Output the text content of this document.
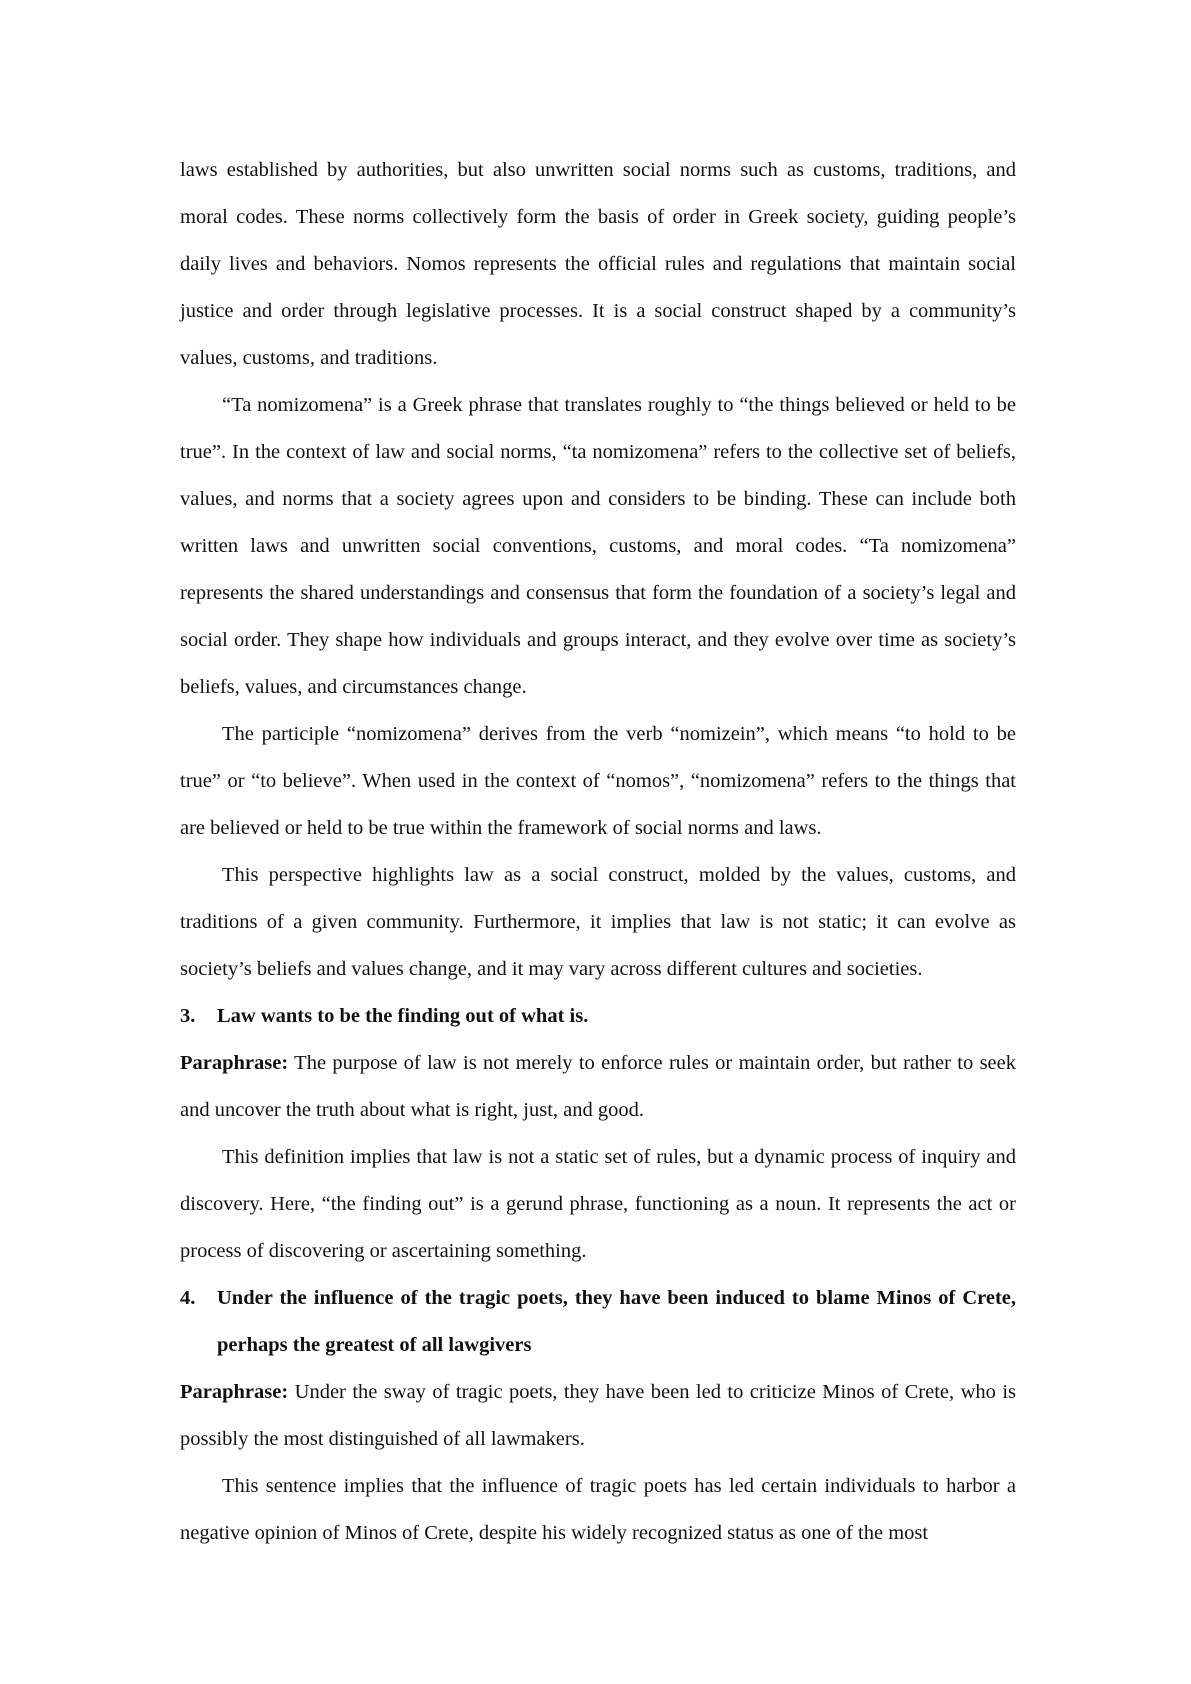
laws established by authorities, but also unwritten social norms such as customs, traditions, and moral codes. These norms collectively form the basis of order in Greek society, guiding people’s daily lives and behaviors. Nomos represents the official rules and regulations that maintain social justice and order through legislative processes. It is a social construct shaped by a community’s values, customs, and traditions.

“Ta nomizomena” is a Greek phrase that translates roughly to “the things believed or held to be true”. In the context of law and social norms, “ta nomizomena” refers to the collective set of beliefs, values, and norms that a society agrees upon and considers to be binding. These can include both written laws and unwritten social conventions, customs, and moral codes. “Ta nomizomena” represents the shared understandings and consensus that form the foundation of a society’s legal and social order. They shape how individuals and groups interact, and they evolve over time as society’s beliefs, values, and circumstances change.

The participle “nomizomena” derives from the verb “nomizein”, which means “to hold to be true” or “to believe”. When used in the context of “nomos”, “nomizomena” refers to the things that are believed or held to be true within the framework of social norms and laws.

This perspective highlights law as a social construct, molded by the values, customs, and traditions of a given community. Furthermore, it implies that law is not static; it can evolve as society’s beliefs and values change, and it may vary across different cultures and societies.

3.	Law wants to be the finding out of what is.

Paraphrase: The purpose of law is not merely to enforce rules or maintain order, but rather to seek and uncover the truth about what is right, just, and good.

This definition implies that law is not a static set of rules, but a dynamic process of inquiry and discovery. Here, “the finding out” is a gerund phrase, functioning as a noun. It represents the act or process of discovering or ascertaining something.

4.	Under the influence of the tragic poets, they have been induced to blame Minos of Crete, perhaps the greatest of all lawgivers

Paraphrase: Under the sway of tragic poets, they have been led to criticize Minos of Crete, who is possibly the most distinguished of all lawmakers.

This sentence implies that the influence of tragic poets has led certain individuals to harbor a negative opinion of Minos of Crete, despite his widely recognized status as one of the most
